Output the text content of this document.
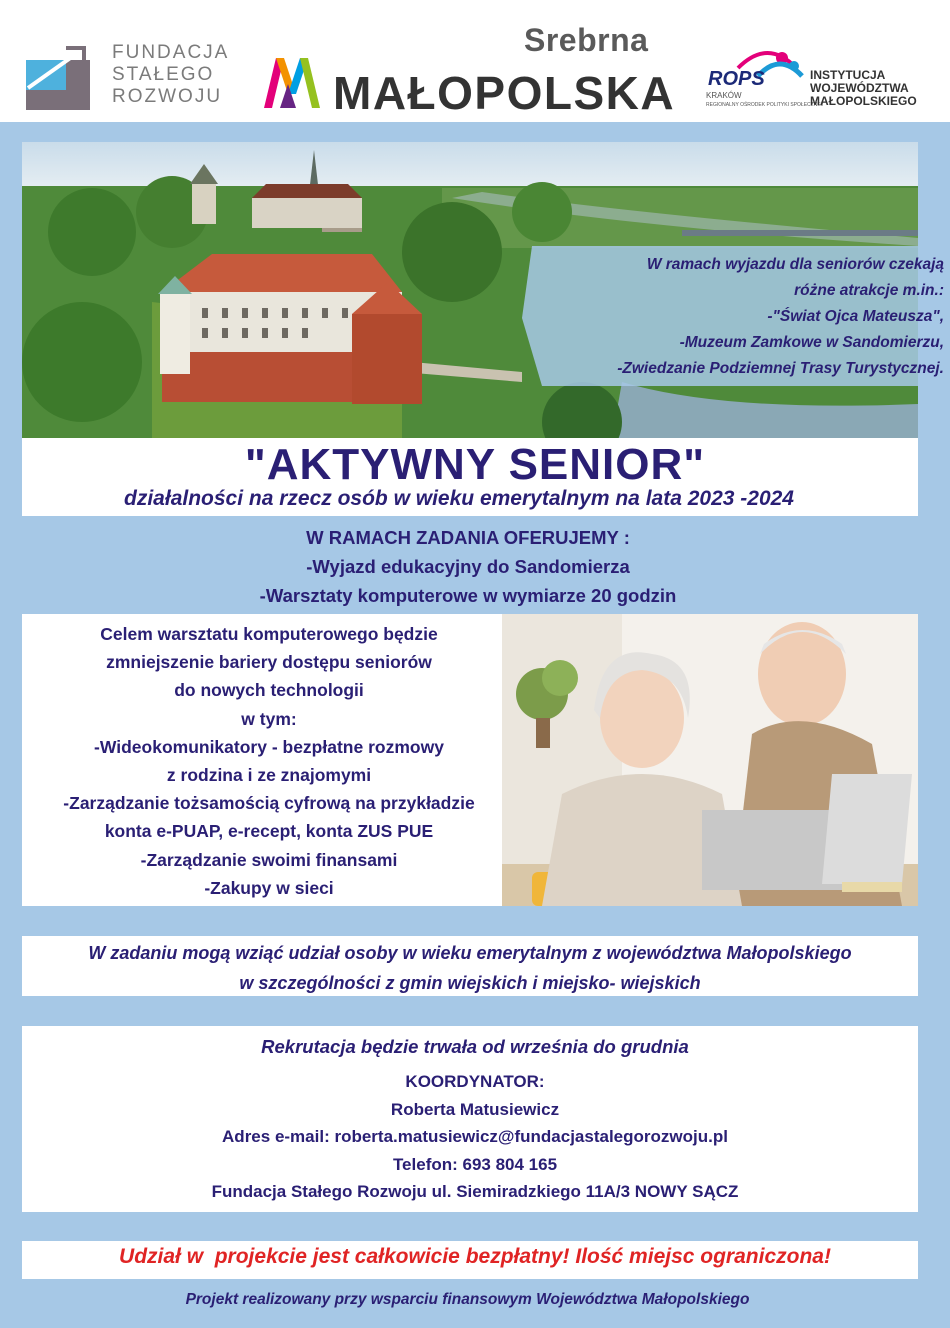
FUNDACJA
STAŁEGO
ROZWOJU
Srebrna
MAŁOPOLSKA ROPS
KRAKÓW
REGIONALNY OŚRODEK POLITYKI SPOŁECZNEJ
INSTYTUCJA
WOJEWÓDZTWA
MAŁOPOLSKIEGO
W ramach wyjazdu dla seniorów czekają
różne atrakcje m.in.:
-"Świat Ojca Mateusza",
-Muzeum Zamkowe w Sandomierzu,
-Zwiedzanie Podziemnej Trasy Turystycznej.
"AKTYWNY SENIOR"
działalności na rzecz osób w wieku emerytalnym na lata 2023 -2024
W RAMACH ZADANIA OFERUJEMY :
-Wyjazd edukacyjny do Sandomierza
-Warsztaty komputerowe w wymiarze 20 godzin
Celem warsztatu komputerowego będzie
zmniejszenie bariery dostępu seniorów
do nowych technologii
w tym:
-Wideokomunikatory - bezpłatne rozmowy
z rodzina i ze znajomymi
-Zarządzanie tożsamością cyfrową na przykładzie
konta e-PUAP, e-recept, konta ZUS PUE
-Zarządzanie swoimi finansami
-Zakupy w sieci
W zadaniu mogą wziąć udział osoby w wieku emerytalnym z województwa Małopolskiego
w szczególności z gmin wiejskich i miejsko- wiejskich
Rekrutacja będzie trwała od września do grudnia
KOORDYNATOR:
Roberta Matusiewicz
Adres e-mail: roberta.matusiewicz@fundacjastalegorozwoju.pl
Telefon: 693 804 165
Fundacja Stałego Rozwoju ul. Siemiradzkiego 11A/3 NOWY SĄCZ
Udział w  projekcie jest całkowicie bezpłatny! Ilość miejsc ograniczona!
Projekt realizowany przy wsparciu finansowym Województwa Małopolskiego
